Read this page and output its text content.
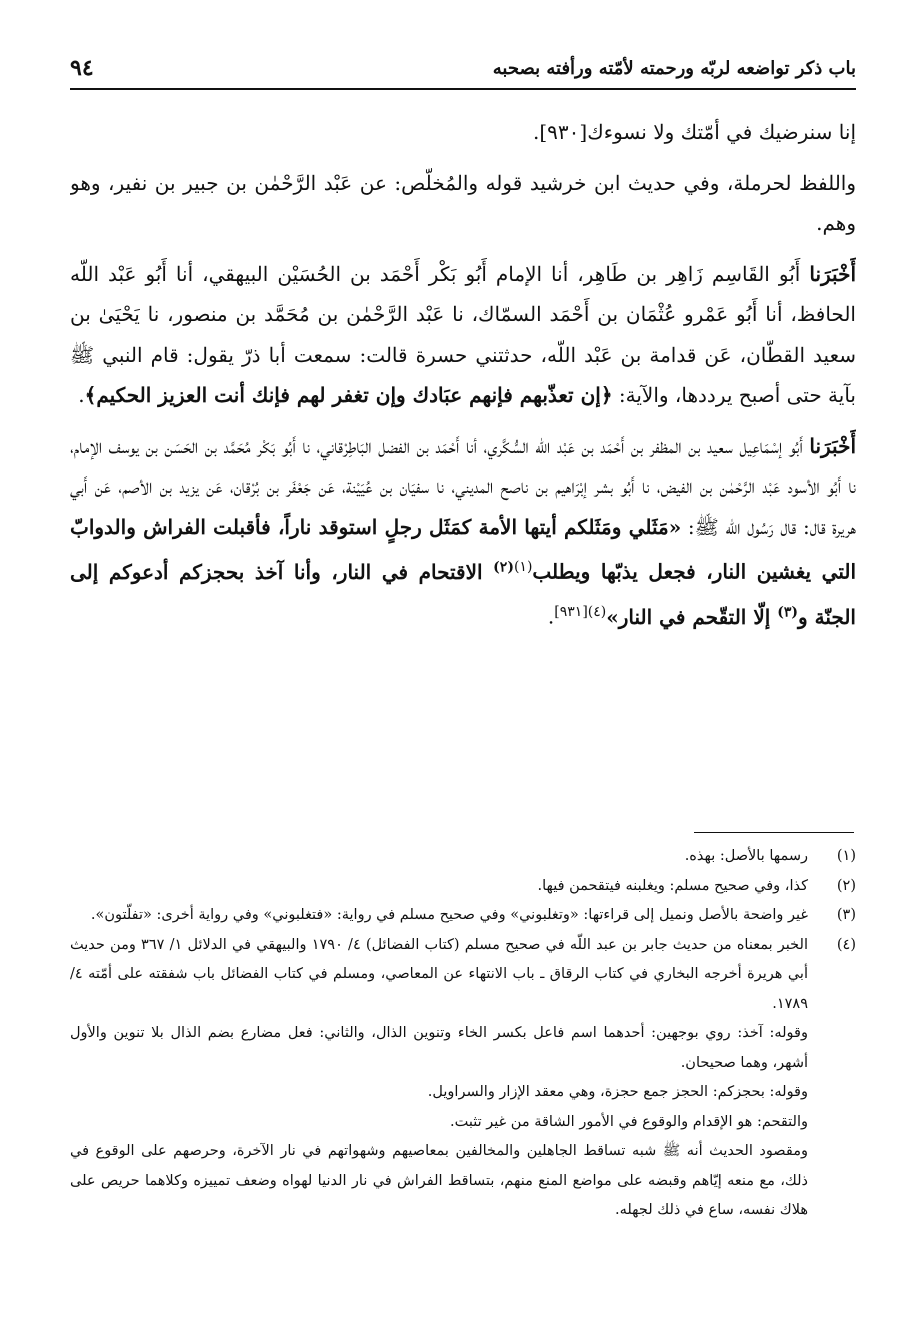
باب ذكر تواضعه لربّه ورحمته لأمّته ورأفته بصحبه
٩٤

إنا سنرضيك في أمّتك ولا نسوءك[٩٣٠].

واللفظ لحرملة، وفي حديث ابن خرشيد قوله والمُخلّص: عن عَبْد الرَّحْمٰن بن جبير بن نفير، وهو وهم.

أَخْبَرَنا أَبُو القَاسِم زَاهِر بن طَاهِر، أنا الإمام أَبُو بَكْر أَحْمَد بن الحُسَيْن البيهقي، أنا أَبُو عَبْد اللّه الحافظ، أنا أَبُو عَمْرو عُثْمَان بن أَحْمَد السمّاك، نا عَبْد الرَّحْمٰن بن مُحَمَّد بن منصور، نا يَحْيَىٰ بن سعيد القطّان، عَن قدامة بن عَبْد اللّه، حدثتني حسرة قالت: سمعت أبا ذرّ يقول: قام النبي ﷺ بآية حتى أصبح يرددها، والآية: ﴿إن تعذّبهم فإنهم عبَادك وإن تغفر لهم فإنك أنت العزيز الحكيم﴾.

أَخْبَرَنا أَبُو إسْمَاعِيل سعيد بن المظفر بن أَحْمَد بن عَبْد اللّه السُّكَّري، أنا أَحْمَد بن الفضل البَاطِرْقاني، نا أَبُو بَكْر مُحَمَّد بن الحَسَن بن يوسف الإمام، نا أَبُو الأسود عَبْد الرَّحْمٰن بن الفيض، نا أَبُو بشر إبْرَاهيم بن ناصح المديني، نا سفيَان بن عُيَيْنة، عَن جَعْفَر بن بُرْقان، عَن يزيد بن الأصم، عَن أَبي هريرة قال: قال رَسُول اللّه ﷺ: «مَثَلي ومَثَلكم أيتها الأمة كمَثَل رجلٍ استوقد ناراً، فأقبلت الفراش والدوابّ التي يغشين النار، فجعل يذبّها ويطلب$^{(١)(٢)}$ الاقتحام في النار، وأنا آخذ بحجزكم أدعوكم إلى الجنّة و$^{(٣)}$ إلّا التقّحم في النار»$^{(٤)[٩٣١]}$.

(١)
رسمها بالأصل: بهذه.
(٢)
كذا، وفي صحيح مسلم: ويغلبنه فيتقحمن فيها.
(٣)
غير واضحة بالأصل ونميل إلى قراءتها: «وتغلبوني» وفي صحيح مسلم في رواية: «فتغلبوني» وفي رواية أخرى: «تفلّتون».
(٤)
الخبر بمعناه من حديث جابر بن عبد اللّه في صحيح مسلم (كتاب الفضائل) ٤/ ١٧٩٠ والبيهقي في الدلائل ١/ ٣٦٧ ومن حديث أبي هريرة أخرجه البخاري في كتاب الرقاق ـ باب الانتهاء عن المعاصي، ومسلم في كتاب الفضائل باب شفقته على أمّته ٤/ ١٧٨٩.
وقوله: آخذ: روي بوجهين: أحدهما اسم فاعل بكسر الخاء وتنوين الذال، والثاني: فعل مضارع بضم الذال بلا تنوين والأول أشهر، وهما صحيحان.
وقوله: بحجزكم: الحجز جمع حجزة، وهي معقد الإزار والسراويل.
والتقحم: هو الإقدام والوقوع في الأمور الشاقة من غير تثبت.
ومقصود الحديث أنه ﷺ شبه تساقط الجاهلين والمخالفين بمعاصيهم وشهواتهم في نار الآخرة، وحرصهم على الوقوع في ذلك، مع منعه إيّاهم وقبضه على مواضع المنع منهم، بتساقط الفراش في نار الدنيا لهواه وضعف تمييزه وكلاهما حريص على هلاك نفسه، ساع في ذلك لجهله.
